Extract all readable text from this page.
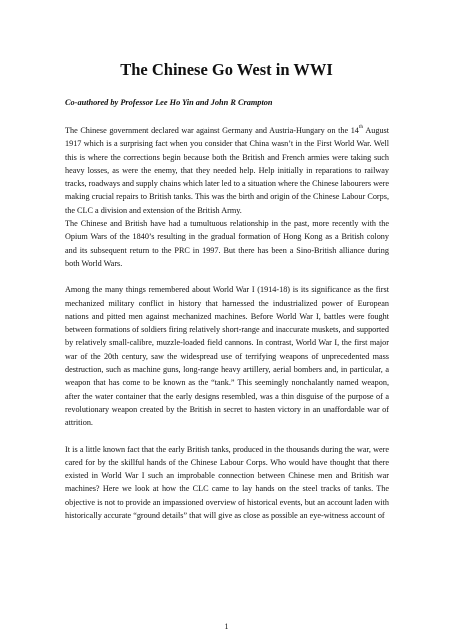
The Chinese Go West in WWI

Co-authored by Professor Lee Ho Yin and John R Crampton

The Chinese government declared war against Germany and Austria-Hungary on the 14th August 1917 which is a surprising fact when you consider that China wasn’t in the First World War. Well this is where the corrections begin because both the British and French armies were taking such heavy losses, as were the enemy, that they needed help. Help initially in reparations to railway tracks, roadways and supply chains which later led to a situation where the Chinese labourers were making crucial repairs to British tanks. This was the birth and origin of the Chinese Labour Corps, the CLC a division and extension of the British Army.

The Chinese and British have had a tumultuous relationship in the past, more recently with the Opium Wars of the 1840’s resulting in the gradual formation of Hong Kong as a British colony and its subsequent return to the PRC in 1997. But there has been a Sino-British alliance during both World Wars.

Among the many things remembered about World War I (1914-18) is its significance as the first mechanized military conflict in history that harnessed the industrialized power of European nations and pitted men against mechanized machines. Before World War I, battles were fought between formations of soldiers firing relatively short-range and inaccurate muskets, and supported by relatively small-calibre, muzzle-loaded field cannons. In contrast, World War I, the first major war of the 20th century, saw the widespread use of terrifying weapons of unprecedented mass destruction, such as machine guns, long-range heavy artillery, aerial bombers and, in particular, a weapon that has come to be known as the “tank.” This seemingly nonchalantly named weapon, after the water container that the early designs resembled, was a thin disguise of the purpose of a revolutionary weapon created by the British in secret to hasten victory in an unaffordable war of attrition.

It is a little known fact that the early British tanks, produced in the thousands during the war, were cared for by the skillful hands of the Chinese Labour Corps. Who would have thought that there existed in World War I such an improbable connection between Chinese men and British war machines? Here we look at how the CLC came to lay hands on the steel tracks of tanks. The objective is not to provide an impassioned overview of historical events, but an account laden with historically accurate “ground details” that will give as close as possible an eye-witness account of

1
